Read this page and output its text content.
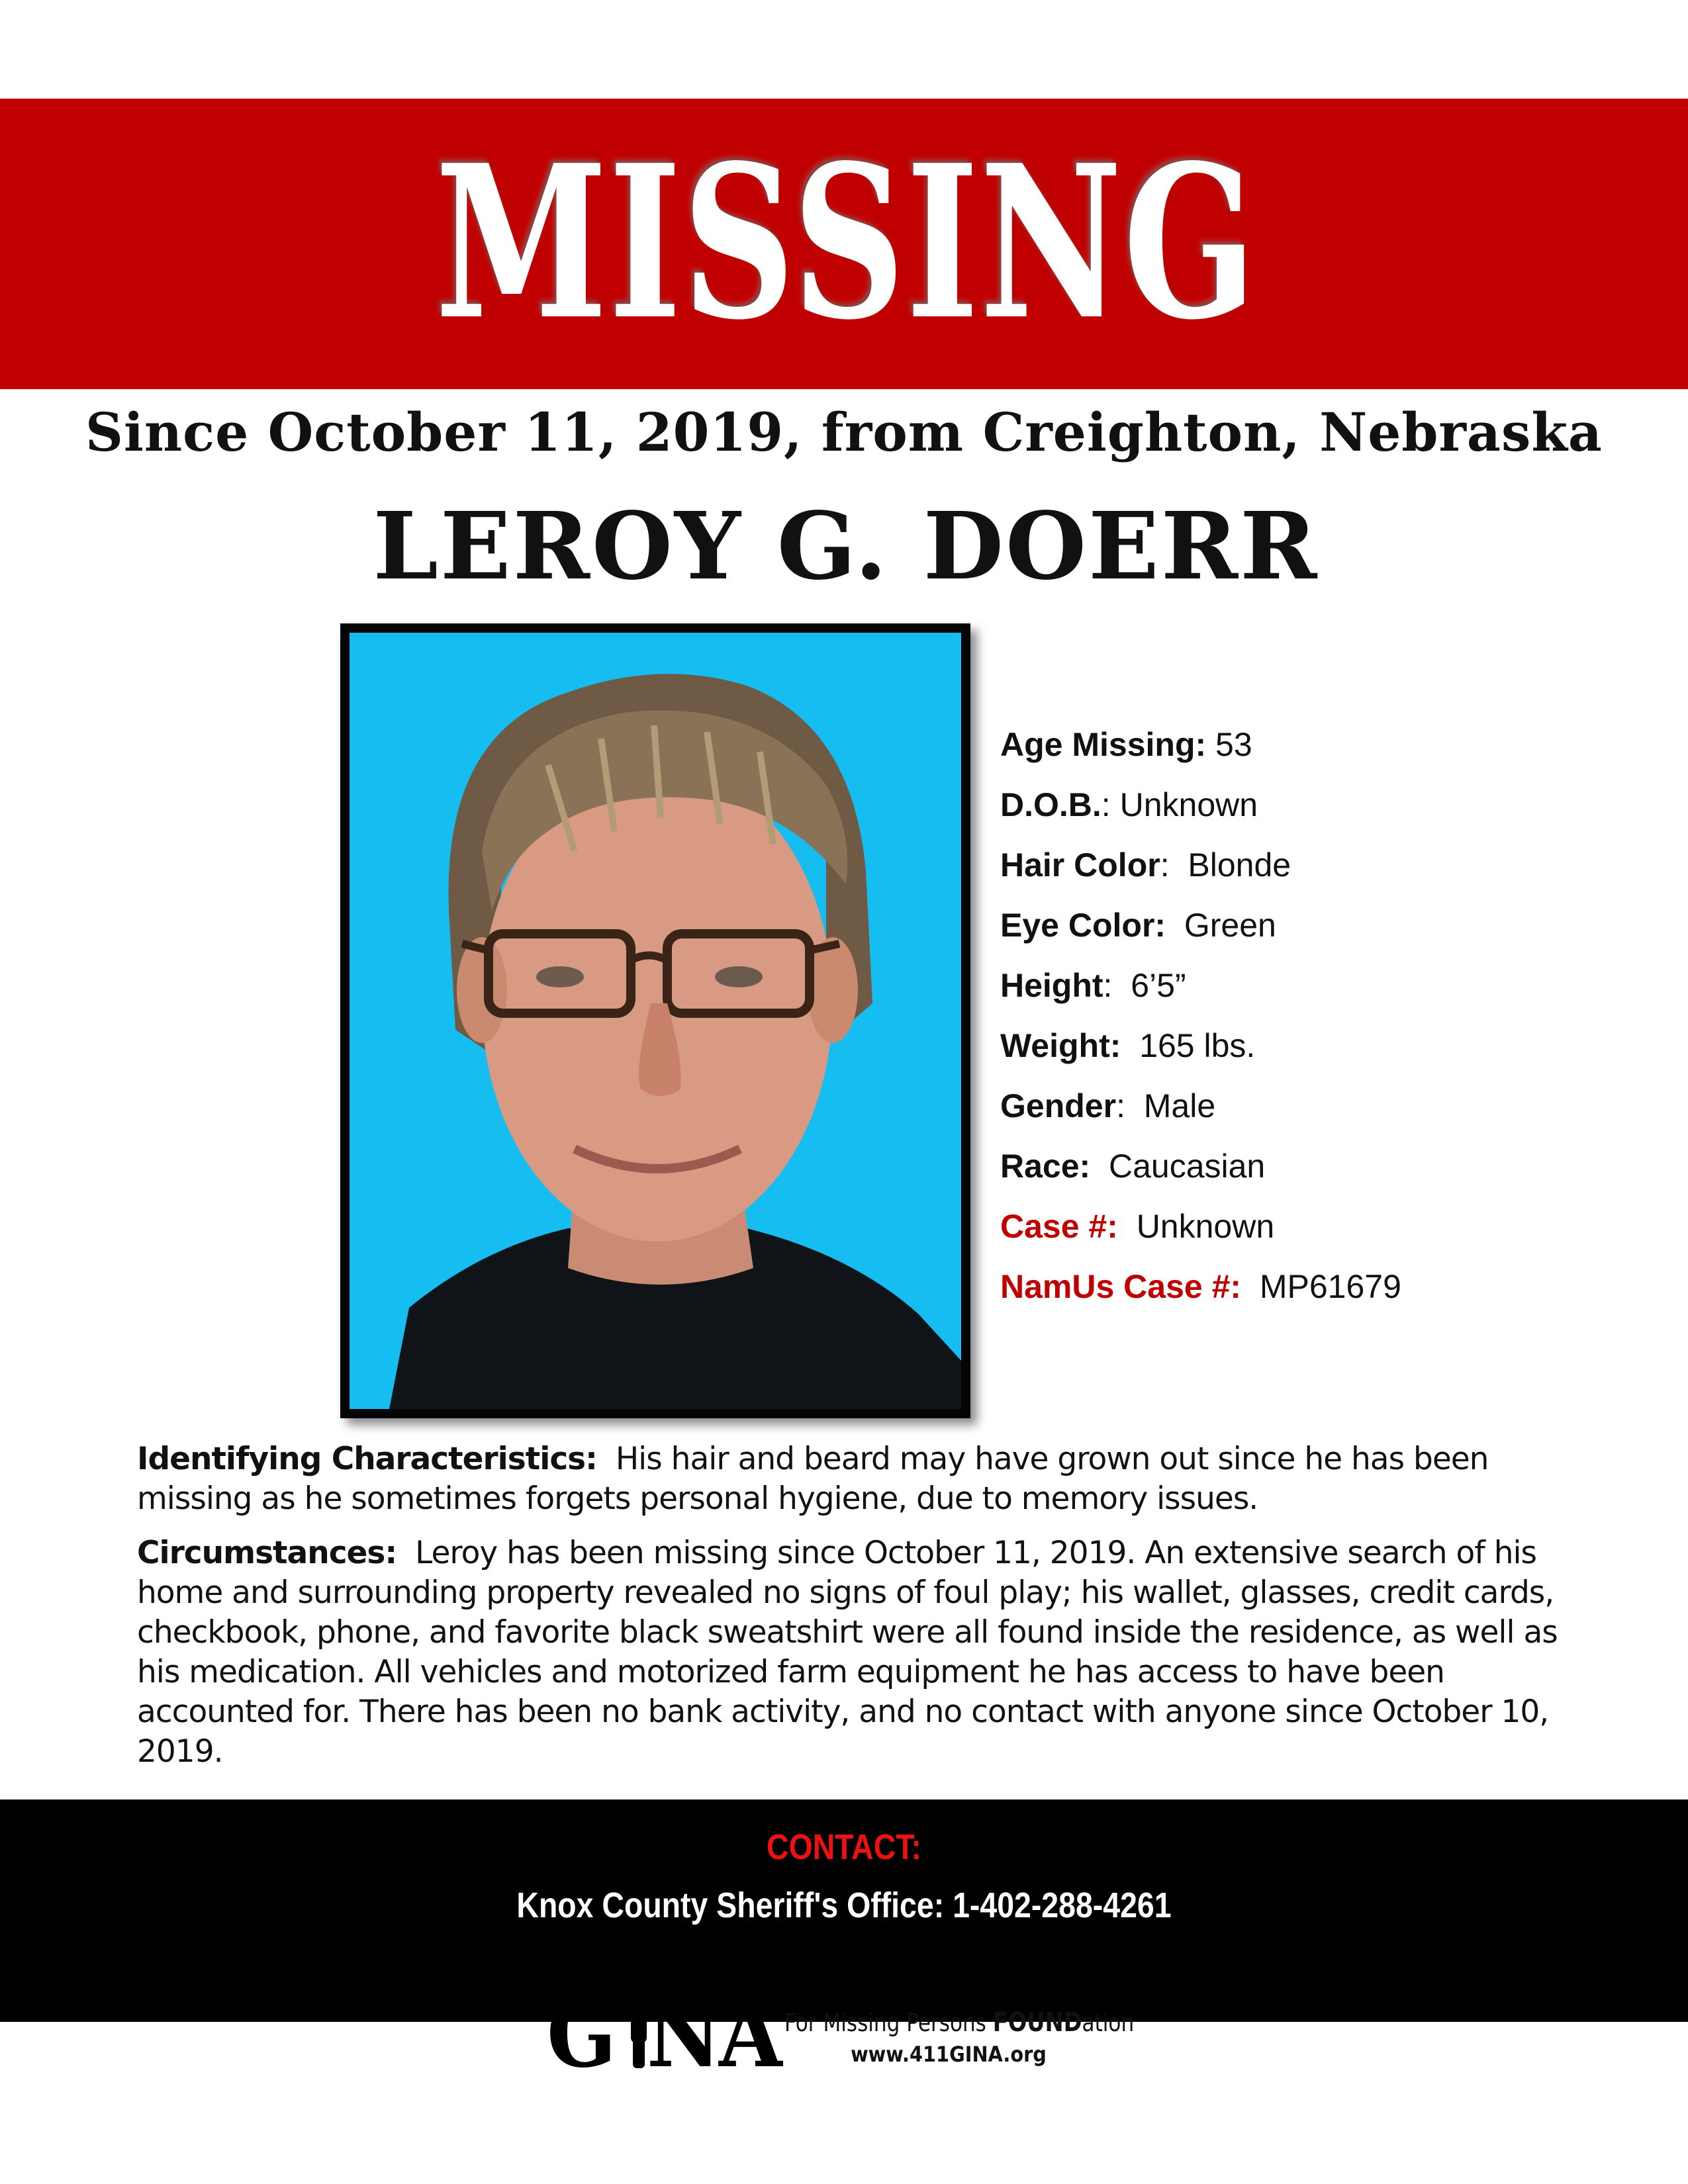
MISSING
Since October 11, 2019, from Creighton, Nebraska
LEROY G. DOERR
Age Missing: 53
D.O.B.: Unknown
Hair Color: Blonde
Eye Color: Green
Height: 6’5”
Weight: 165 lbs.
Gender: Male
Race: Caucasian
Case #: Unknown
NamUs Case #: MP61679

Identifying Characteristics: His hair and beard may have grown out since he has been missing as he sometimes forgets personal hygiene, due to memory issues.

Circumstances: Leroy has been missing since October 11, 2019. An extensive search of his home and surrounding property revealed no signs of foul play; his wallet, glasses, credit cards, checkbook, phone, and favorite black sweatshirt were all found inside the residence, as well as his medication. All vehicles and motorized farm equipment he has access to have been accounted for. There has been no bank activity, and no contact with anyone since October 10, 2019.

CONTACT:
Knox County Sheriff's Office: 1-402-288-4261
G NA For Missing Persons FOUNDation
www.411GINA.org
